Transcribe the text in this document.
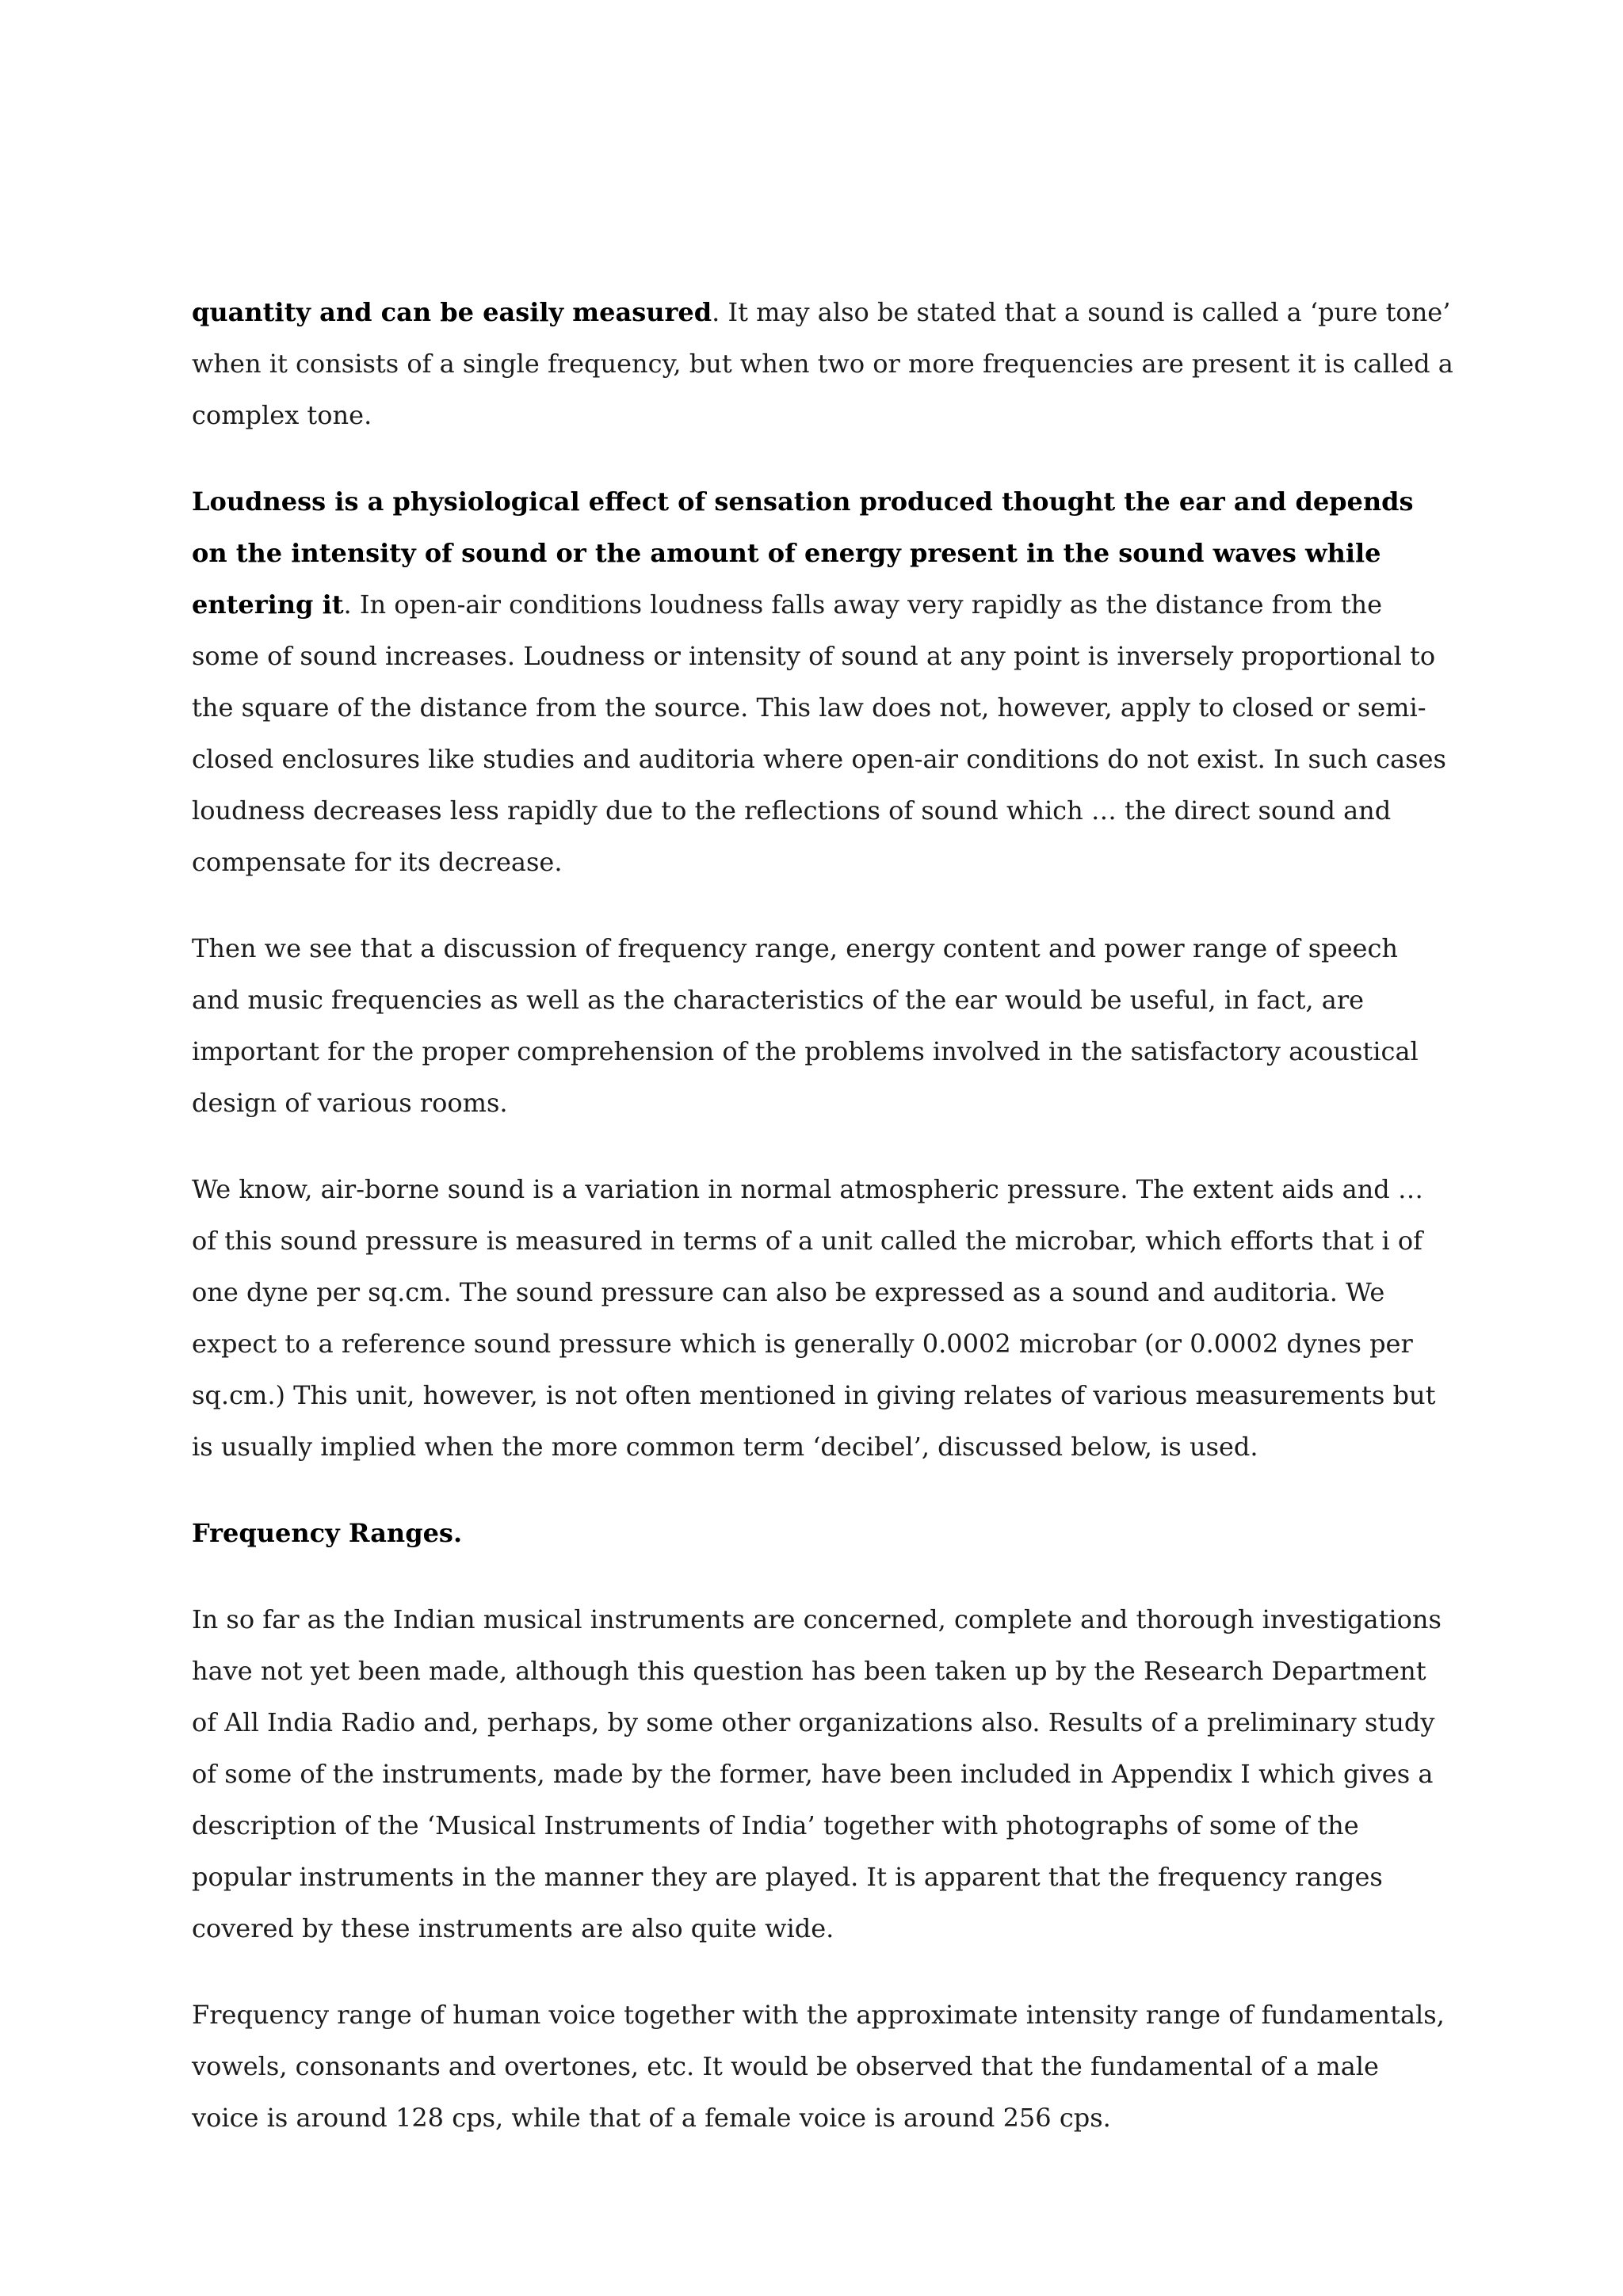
quantity and can be easily measured. It may also be stated that a sound is called a ‘pure tone’ when it consists of a single frequency, but when two or more frequencies are present it is called a complex tone.

Loudness is a physiological effect of sensation produced thought the ear and depends on the intensity of sound or the amount of energy present in the sound waves while entering it. In open-air conditions loudness falls away very rapidly as the distance from the some of sound increases. Loudness or intensity of sound at any point is inversely proportional to the square of the distance from the source. This law does not, however, apply to closed or semi-closed enclosures like studies and auditoria where open-air conditions do not exist. In such cases loudness decreases less rapidly due to the reflections of sound which … the direct sound and compensate for its decrease.

Then we see that a discussion of frequency range, energy content and power range of speech and music frequencies as well as the characteristics of the ear would be useful, in fact, are important for the proper comprehension of the problems involved in the satisfactory acoustical design of various rooms.

We know, air-borne sound is a variation in normal atmospheric pressure. The extent aids and … of this sound pressure is measured in terms of a unit called the microbar, which efforts that i of one dyne per sq.cm. The sound pressure can also be expressed as a sound and auditoria. We expect to a reference sound pressure which is generally 0.0002 microbar (or 0.0002 dynes per sq.cm.) This unit, however, is not often mentioned in giving relates of various measurements but is usually implied when the more common term ‘decibel’, discussed below, is used.

Frequency Ranges.

In so far as the Indian musical instruments are concerned, complete and thorough investigations have not yet been made, although this question has been taken up by the Research Department of All India Radio and, perhaps, by some other organizations also. Results of a preliminary study of some of the instruments, made by the former, have been included in Appendix I which gives a description of the ‘Musical Instruments of India’ together with photographs of some of the popular instruments in the manner they are played. It is apparent that the frequency ranges covered by these instruments are also quite wide.

Frequency range of human voice together with the approximate intensity range of fundamentals, vowels, consonants and overtones, etc. It would be observed that the fundamental of a male voice is around 128 cps, while that of a female voice is around 256 cps.
